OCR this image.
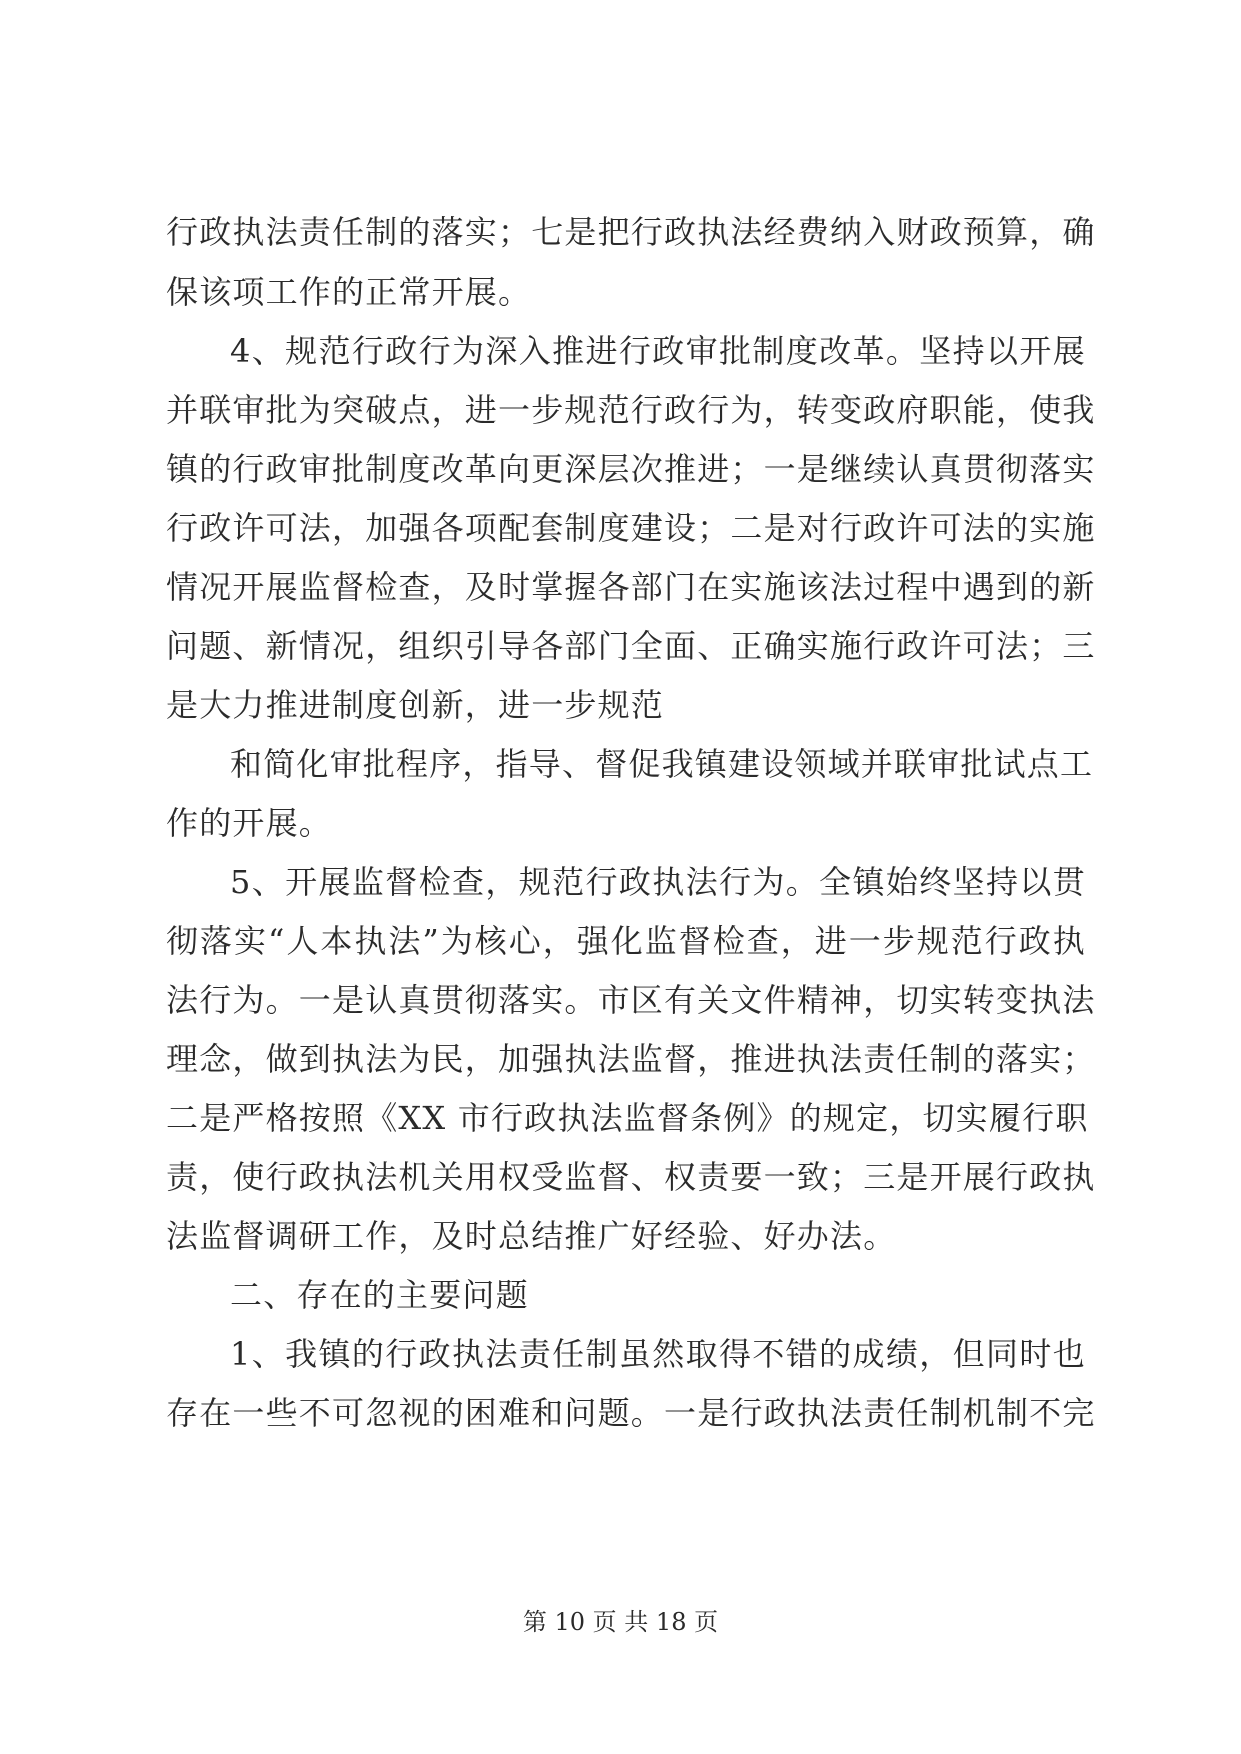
行政执法责任制的落实；七是把行政执法经费纳入财政预算，确
保该项工作的正常开展。
4、规范行政行为深入推进行政审批制度改革。坚持以开展
并联审批为突破点，进一步规范行政行为，转变政府职能，使我
镇的行政审批制度改革向更深层次推进；一是继续认真贯彻落实
行政许可法，加强各项配套制度建设；二是对行政许可法的实施
情况开展监督检查，及时掌握各部门在实施该法过程中遇到的新
问题、新情况，组织引导各部门全面、正确实施行政许可法；三
是大力推进制度创新，进一步规范
和简化审批程序，指导、督促我镇建设领域并联审批试点工
作的开展。
5、开展监督检查，规范行政执法行为。全镇始终坚持以贯
彻落实“人本执法”为核心，强化监督检查，进一步规范行政执
法行为。一是认真贯彻落实。市区有关文件精神，切实转变执法
理念，做到执法为民，加强执法监督，推进执法责任制的落实；
二是严格按照《XX 市行政执法监督条例》的规定，切实履行职
责，使行政执法机关用权受监督、权责要一致；三是开展行政执
法监督调研工作，及时总结推广好经验、好办法。
二、存在的主要问题
1、我镇的行政执法责任制虽然取得不错的成绩，但同时也
存在一些不可忽视的困难和问题。一是行政执法责任制机制不完
第 10 页 共 18 页
